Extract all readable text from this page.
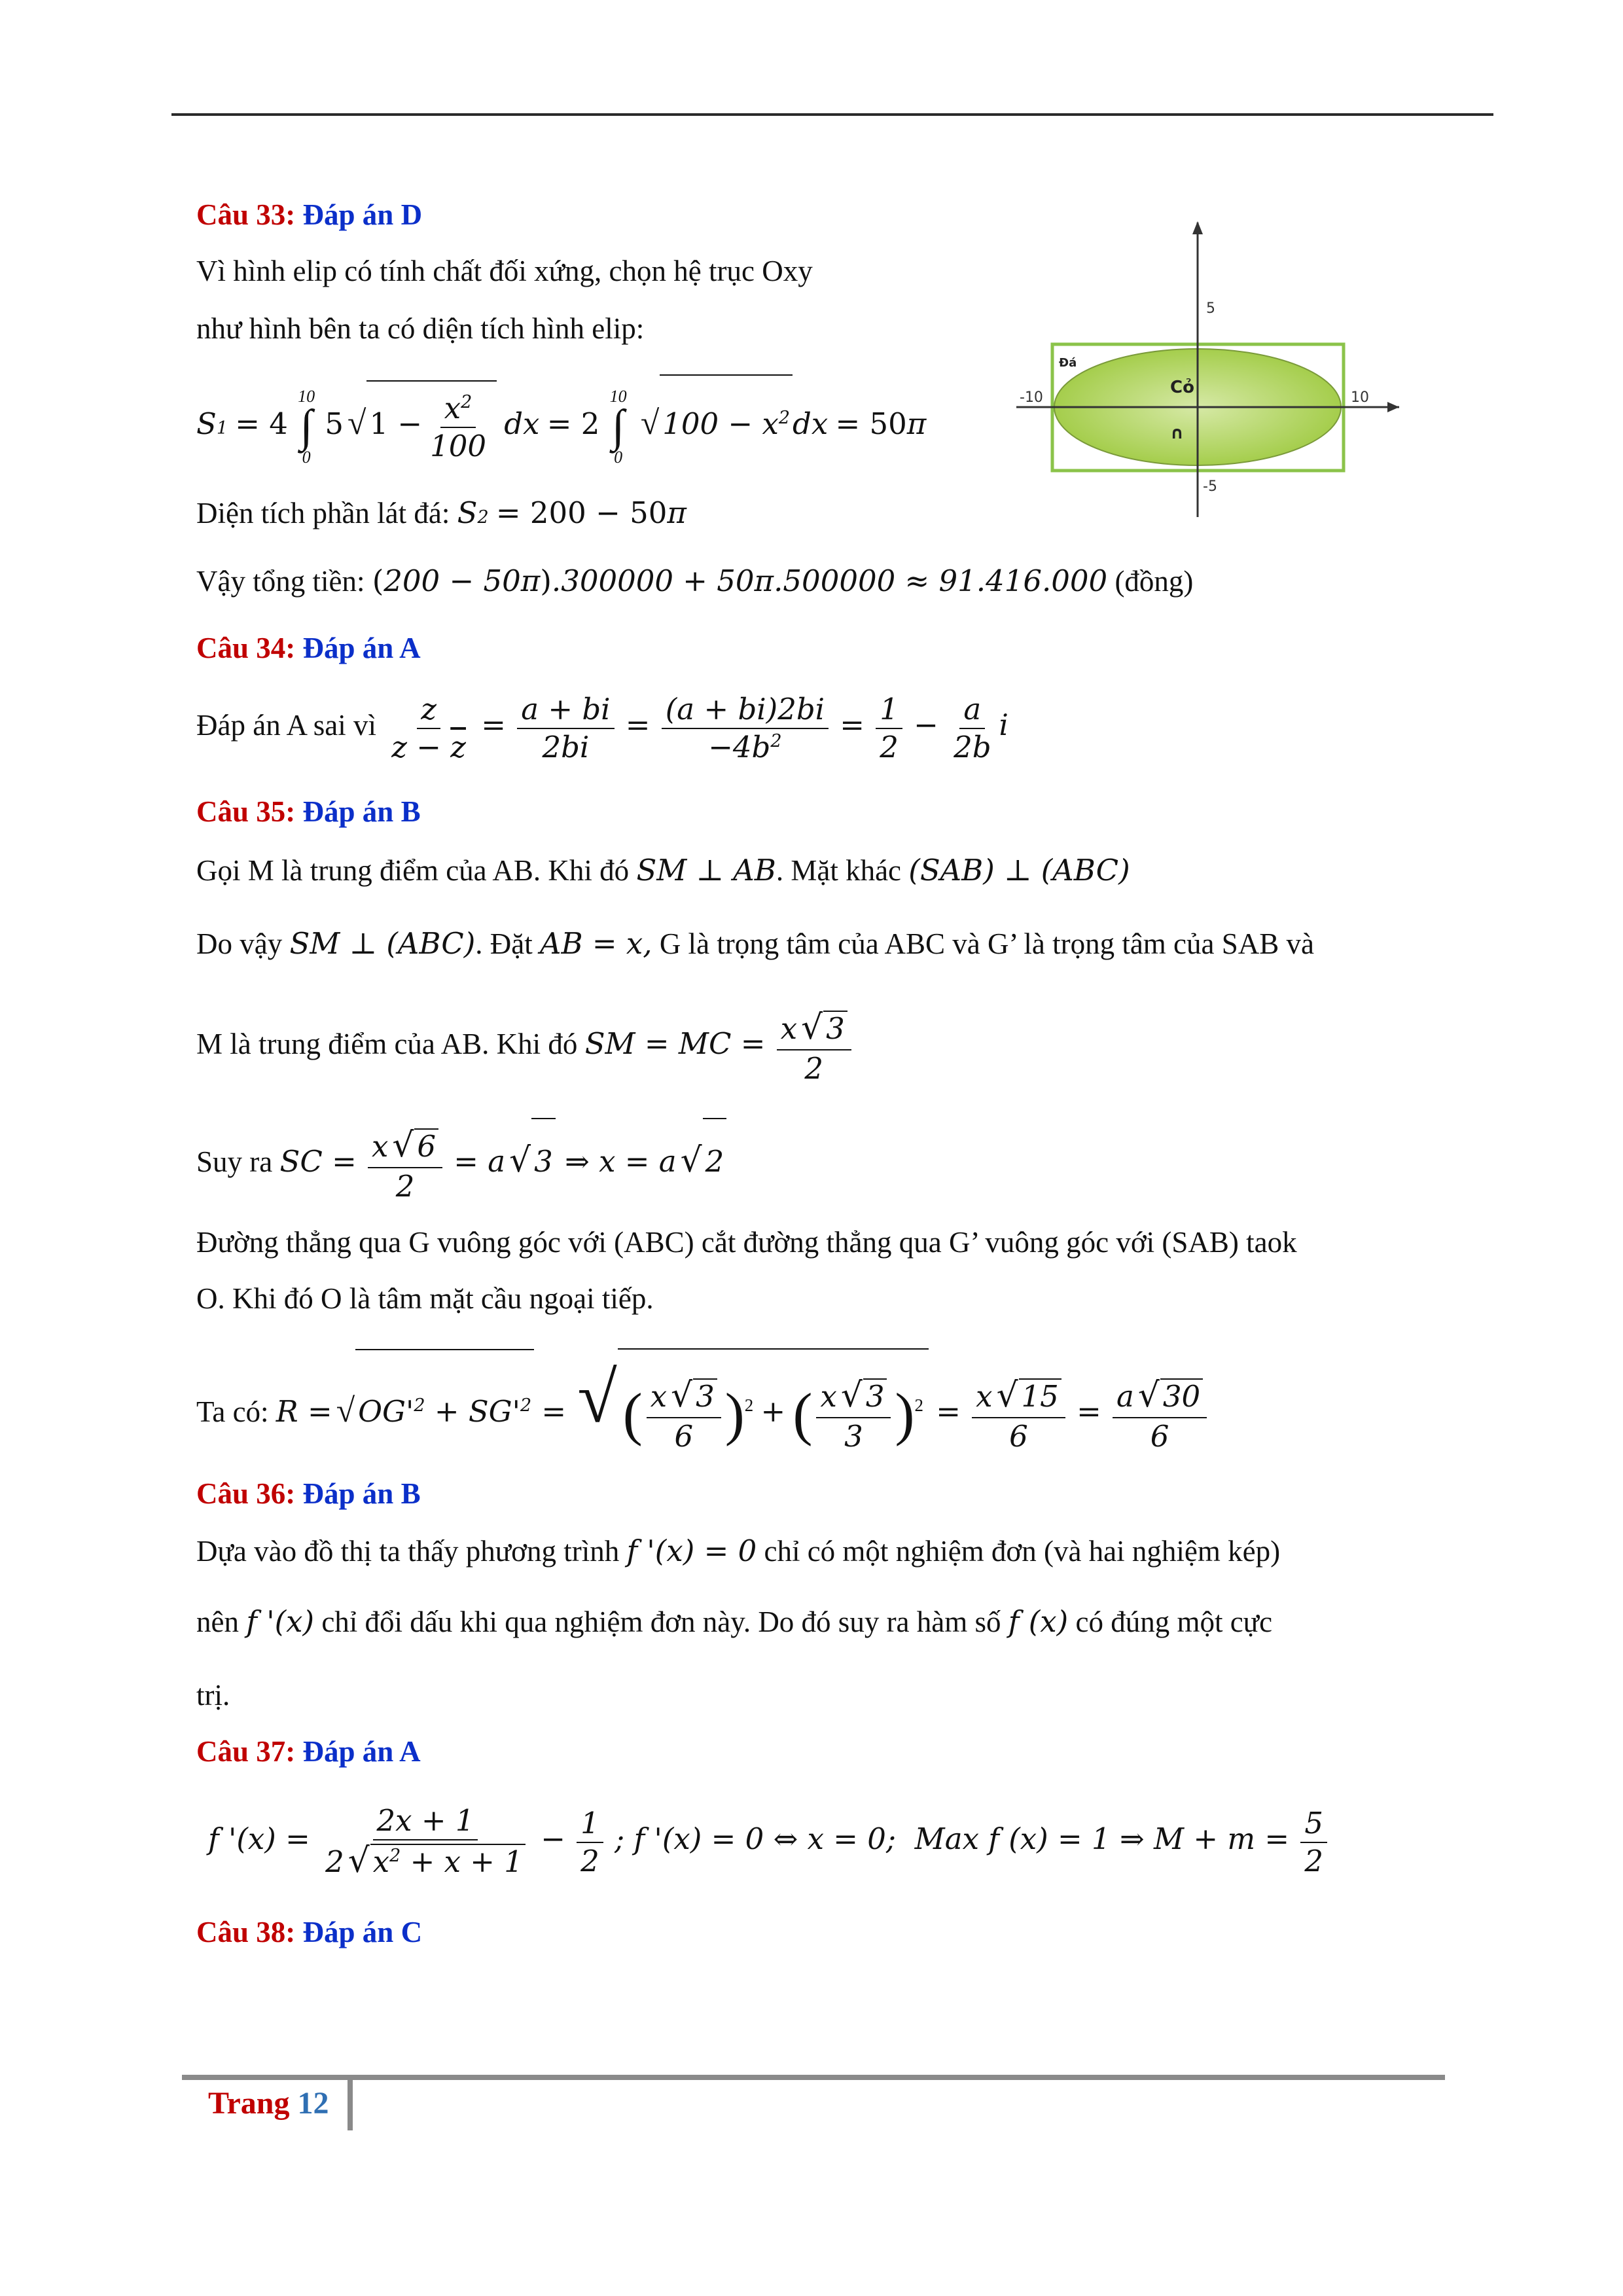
Câu 33: Đáp án D
Vì hình elip có tính chất đối xứng, chọn hệ trục Oxy
như hình bên ta có diện tích hình elip:
S1 = 4
10
∫
0
5 √ $1 - \frac{x^2}{100}$ dx = 2
10
∫
0
√ $100 - x^2dx = 50\pi$
Diện tích phần lát đá: S2 = 200 − 50π
Vậy tổng tiền: (200 − 50π).300000 + 50π.500000 ≈ 91.416.000 (đồng)
-10	10
5
-5
Cỏ
Đá
∩
Câu 34: Đáp án A
Đáp án A sai vì $\frac{z}{z - \overline{z}} = \frac{a + bi}{2bi} = \frac{(a + bi)2bi}{-4b^2} = \frac{1}{2} - \frac{a}{2b}$ i
Câu 35: Đáp án B
Gọi M là trung điểm của AB. Khi đó SM ⊥ AB. Mặt khác (SAB) ⊥ (ABC)
Do vậy SM ⊥ (ABC). Đặt AB = x, G là trọng tâm của ABC và G’ là trọng tâm của SAB và
M là trung điểm của AB. Khi đó SM = MC = $\frac{x √ 3}{2}$
Suy ra SC = $\frac{x √ 6}{2} = a$ √ 3 ⇒ x = a √ 2
Đường thẳng qua G vuông góc với (ABC) cắt đường thẳng qua G’ vuông góc với (SAB) taok
O. Khi đó O là tâm mặt cầu ngoại tiếp.
Ta có: R = √ $OG'^2 + SG'^2$ = √ ( $\frac{x √ 3}{6} )^2$ + ( $\frac{x √ 3}{3} )^2 = \frac{x √ 15}{6} = \frac{a √ 30}{6}$
Câu 36: Đáp án B
Dựa vào đồ thị ta thấy phương trình f '(x) = 0 chỉ có một nghiệm đơn (và hai nghiệm kép)
nên f '(x) chỉ đổi dấu khi qua nghiệm đơn này. Do đó suy ra hàm số f (x) có đúng một cực
trị.
Câu 37: Đáp án A
f '$(x) = \frac{2x + 1}{2 √ x^2 + x + 1} - \frac{1}{2}$ ; f '(x) = 0 ⇔ x = 0;  Max f (x) = 1 ⇒ $M + m = \frac{5}{2}$
Câu 38: Đáp án C
Trang 12
